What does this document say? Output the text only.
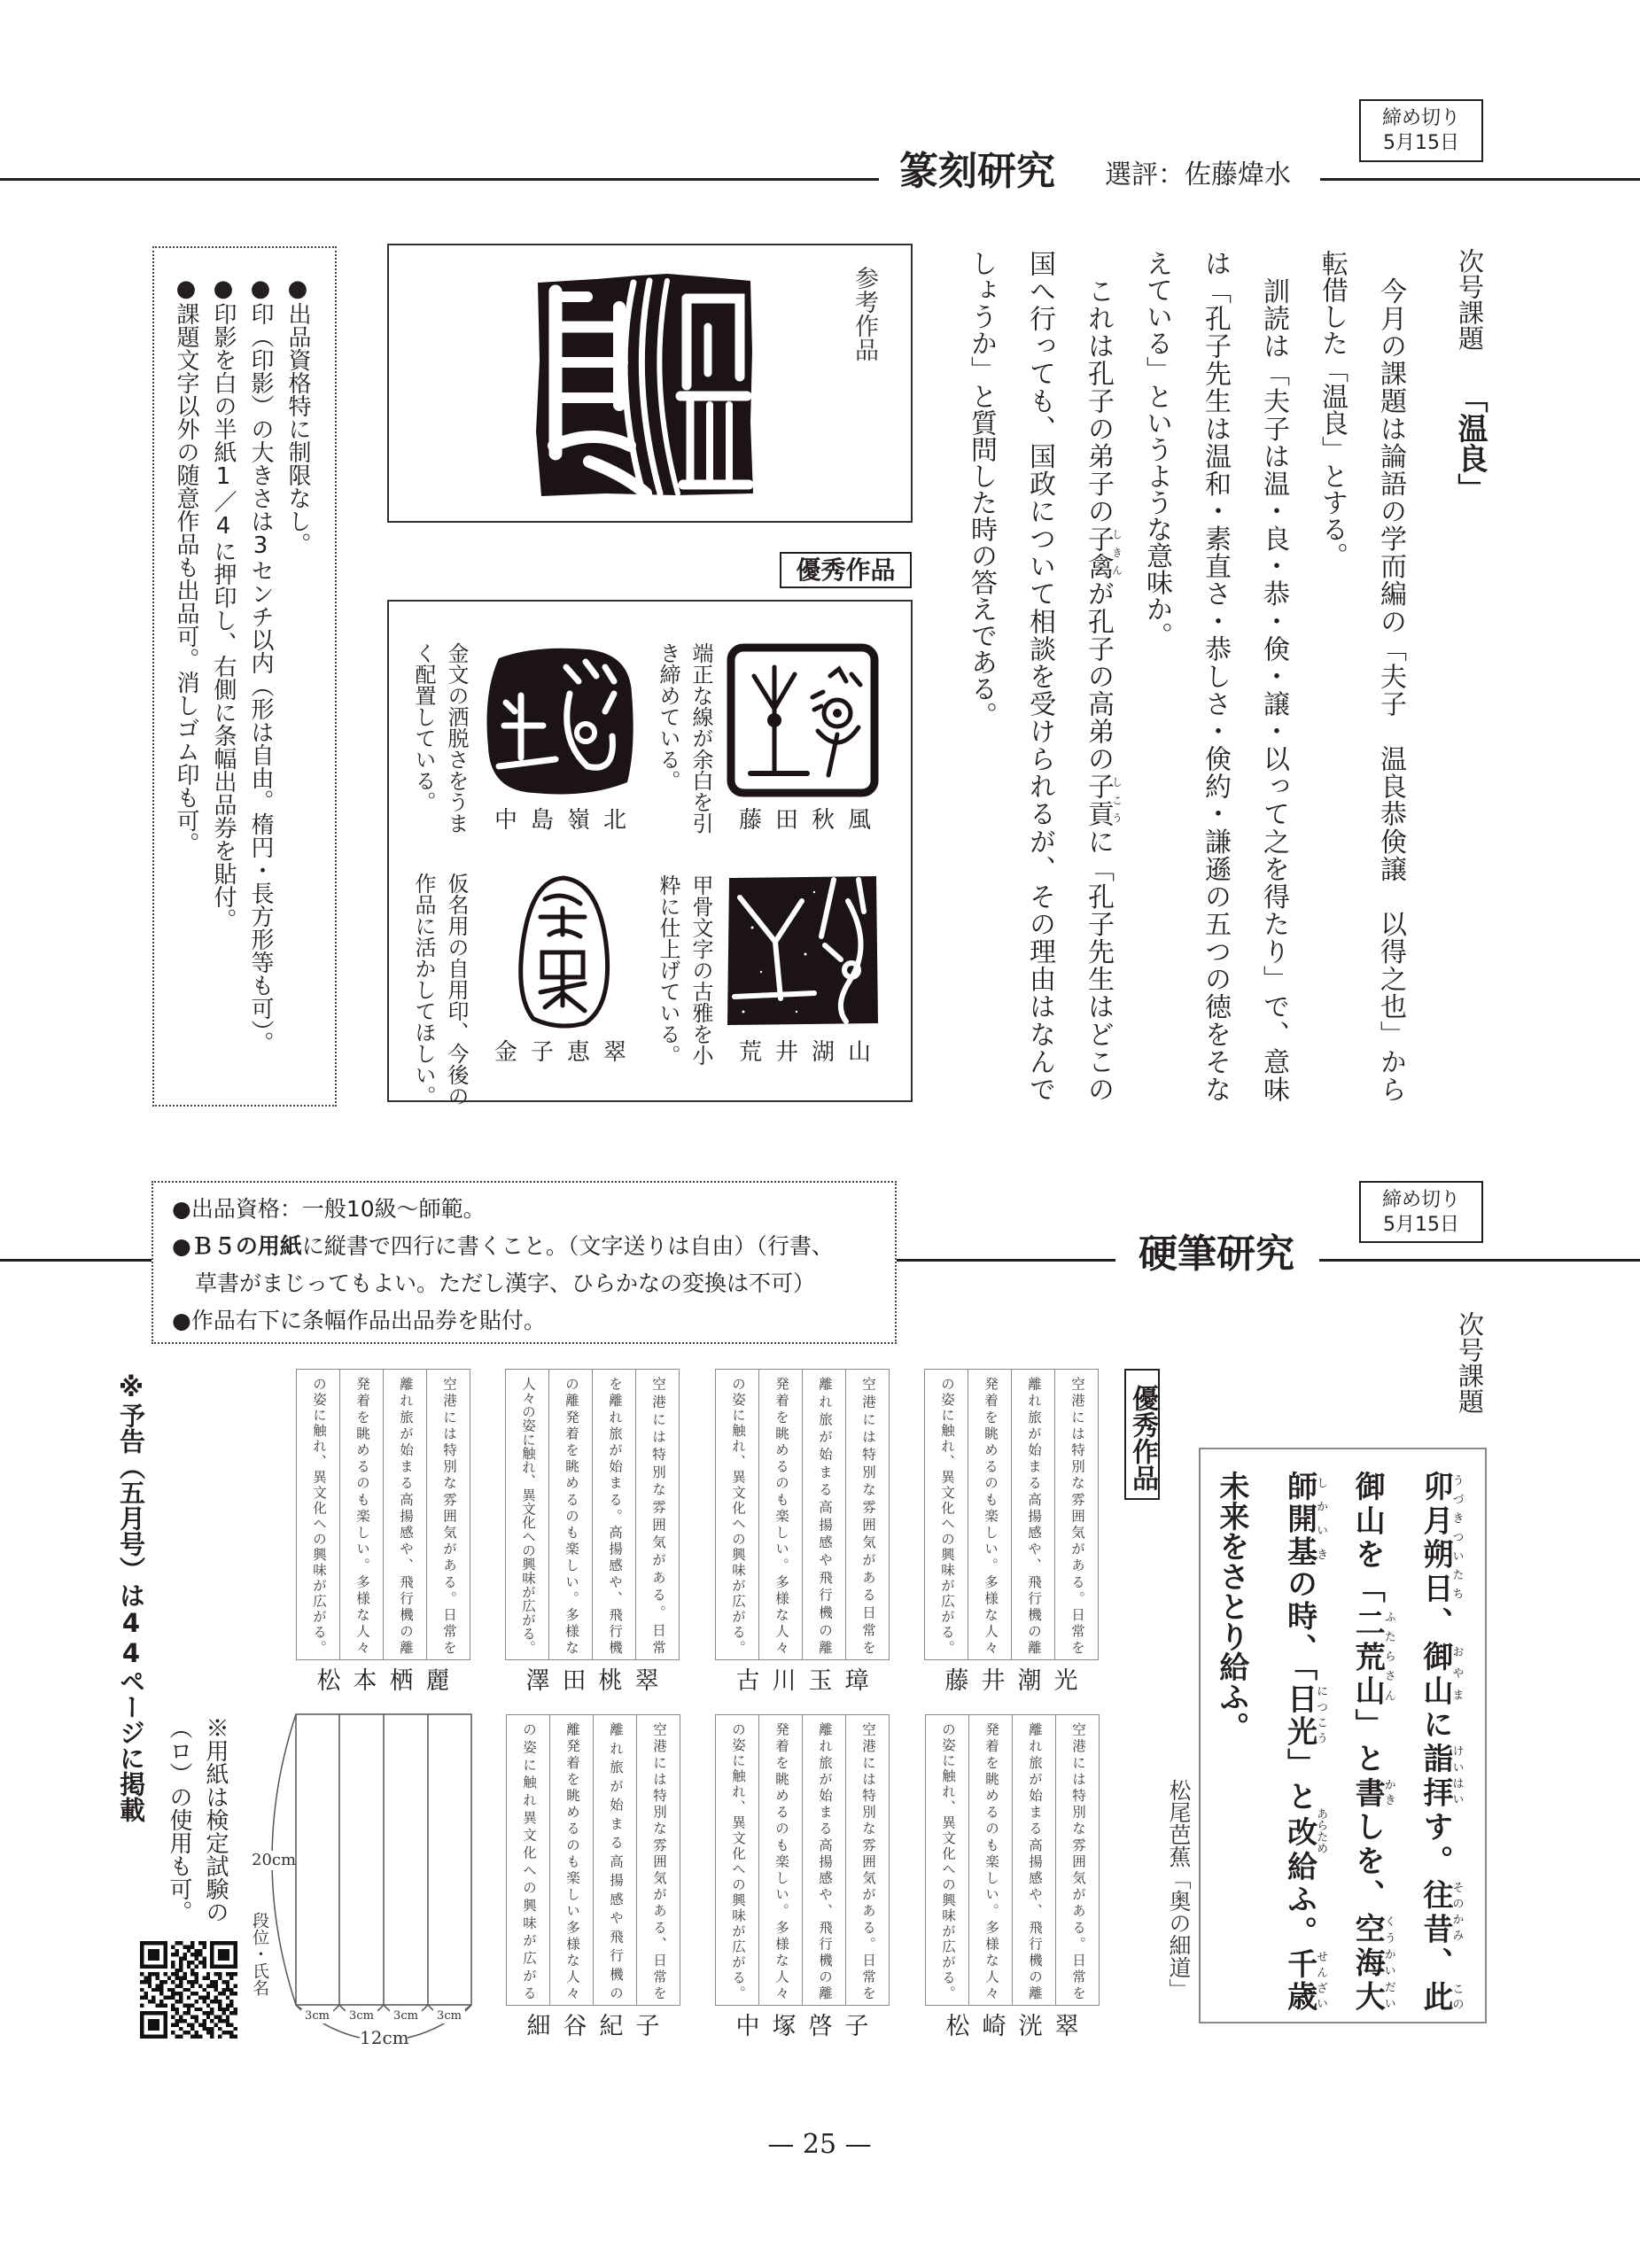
締め切り
5月15日
篆刻研究 選評：佐藤煒水
次号課題
「温良」
　今月の課題は論語の学而編の「夫子　温良恭倹譲　以得之也」から
転借した「温良」とする。
　訓読は「夫子は温・良・恭・倹・譲・以って之を得たり」で、意味
は「孔子先生は温和・素直さ・恭しさ・倹約・謙遜の五つの徳をそな
えている」というような意味か。
　これは孔子の弟子の子禽しきんが孔子の高弟の子貢しこうに「孔子先生はどこの
国へ行っても、国政について相談を受けられるが、その理由はなんで
しょうか」と質問した時の答えである。
●出品資格特に制限なし。
●印（印影）の大きさは3センチ以内（形は自由。楕円・長方形等も可）。
●印影を白の半紙1／4に押印し、右側に条幅出品券を貼付。
●課題文字以外の随意作品も出品可。消しゴム印も可。	参考作品
優秀作品
藤田秋風
端正な線が余白を引
き締めている。
中島嶺北
金文の洒脱さをうま
く配置している。
荒井湖山
甲骨文字の古雅を小
粋に仕上げている。
金子恵翠
仮名用の自用印、今後の
作品に活かしてほしい。
締め切り
5月15日
硬筆研究
●出品資格：一般10級～師範。
●Ｂ５の用紙に縦書で四行に書くこと。（文字送りは自由）（行書、
草書がまじってもよい。ただし漢字、ひらかなの変換は不可）
●作品右下に条幅作品出品券を貼付。	次号課題
卯月朔日うづきついたち、御山おやまに詣拝けいはいす。往昔そのかみ、此この
御山を「二荒山ふたらさん」と書かきしを、空海大くうかいだい
師開基しかいきの時、「日光につこう」と改あらため給ふ。千歳せんざい
未来をさとり給ふ。
松尾芭蕉「奥の細道」
優秀作品
空港には特別な雰囲気がある。日常を
離れ旅が始まる高揚感や、飛行機の離
発着を眺めるのも楽しい。多様な人々
の姿に触れ、異文化への興味が広がる。
藤井潮光
空港には特別な雰囲気がある日常を
離れ旅が始まる高揚感や飛行機の離
発着を眺めるのも楽しい。多様な人々
の姿に触れ、異文化への興味が広がる。
古川玉璋
空港には特別な雰囲気がある。日常
を離れ旅が始まる。高揚感や、飛行機
の離発着を眺めるのも楽しい。多様な
人々の姿に触れ、異文化への興味が広がる。
澤田桃翠
空港には特別な雰囲気がある。日常を
離れ旅が始まる高揚感や、飛行機の離
発着を眺めるのも楽しい。多様な人々
の姿に触れ、異文化への興味が広がる。
松本栖麗
空港には特別な雰囲気がある。日常を
離れ旅が始まる高揚感や、飛行機の離
発着を眺めるのも楽しい。多様な人々
の姿に触れ、異文化への興味が広がる。
松崎洸翠
空港には特別な雰囲気がある。日常を
離れ旅が始まる高揚感や、飛行機の離
発着を眺めるのも楽しい。多様な人々
の姿に触れ、異文化への興味が広がる。
中塚啓子
空港には特別な雰囲気がある、日常を
離れ旅が始まる高揚感や飛行機の
離発着を眺めるのも楽しい多様な人々
の姿に触れ異文化への興味が広がる
細谷紀子
20cm
段位・氏名
3cm	3cm	3cm	3cm
12cm
※用紙は検定試験の
（ロ）の使用も可。
※予告（五月号）は44ページに掲載
— 25 —
